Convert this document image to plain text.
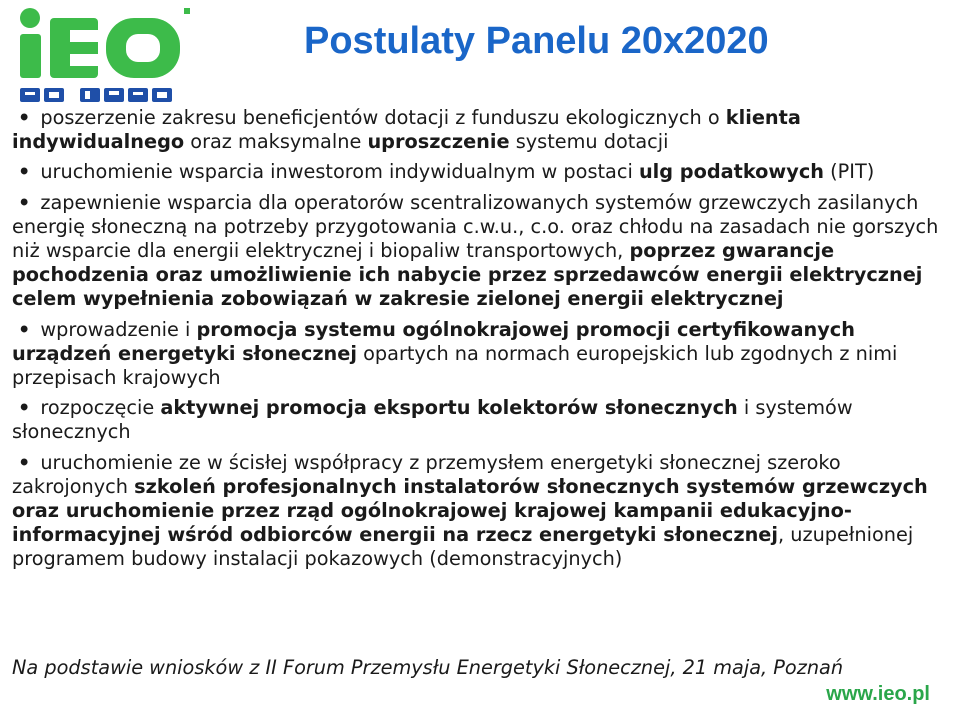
Postulaty Panelu 20x2020
• poszerzenie zakresu beneficjentów dotacji z funduszu ekologicznych o klienta indywidualnego oraz maksymalne uproszczenie systemu dotacji
• uruchomienie wsparcia inwestorom indywidualnym w postaci ulg podatkowych (PIT)
• zapewnienie wsparcia dla operatorów scentralizowanych systemów grzewczych zasilanych energię słoneczną na potrzeby przygotowania c.w.u., c.o. oraz chłodu na zasadach nie gorszych niż wsparcie dla energii elektrycznej i biopaliw transportowych, poprzez gwarancje pochodzenia oraz umożliwienie ich nabycie przez sprzedawców energii elektrycznej celem wypełnienia zobowiązań w zakresie zielonej energii elektrycznej
• wprowadzenie i promocja systemu ogólnokrajowej promocji certyfikowanych urządzeń energetyki słonecznej opartych na normach europejskich lub zgodnych z nimi przepisach krajowych
• rozpoczęcie aktywnej promocja eksportu kolektorów słonecznych i systemów słonecznych
• uruchomienie ze w ścisłej współpracy z przemysłem energetyki słonecznej szeroko zakrojonych szkoleń profesjonalnych instalatorów słonecznych systemów grzewczych oraz uruchomienie przez rząd ogólnokrajowej krajowej kampanii edukacyjno-informacyjnej wśród odbiorców energii na rzecz energetyki słonecznej, uzupełnionej programem budowy instalacji pokazowych (demonstracyjnych)
Na podstawie wniosków z II Forum Przemysłu Energetyki Słonecznej, 21 maja, Poznań
www.ieo.pl
